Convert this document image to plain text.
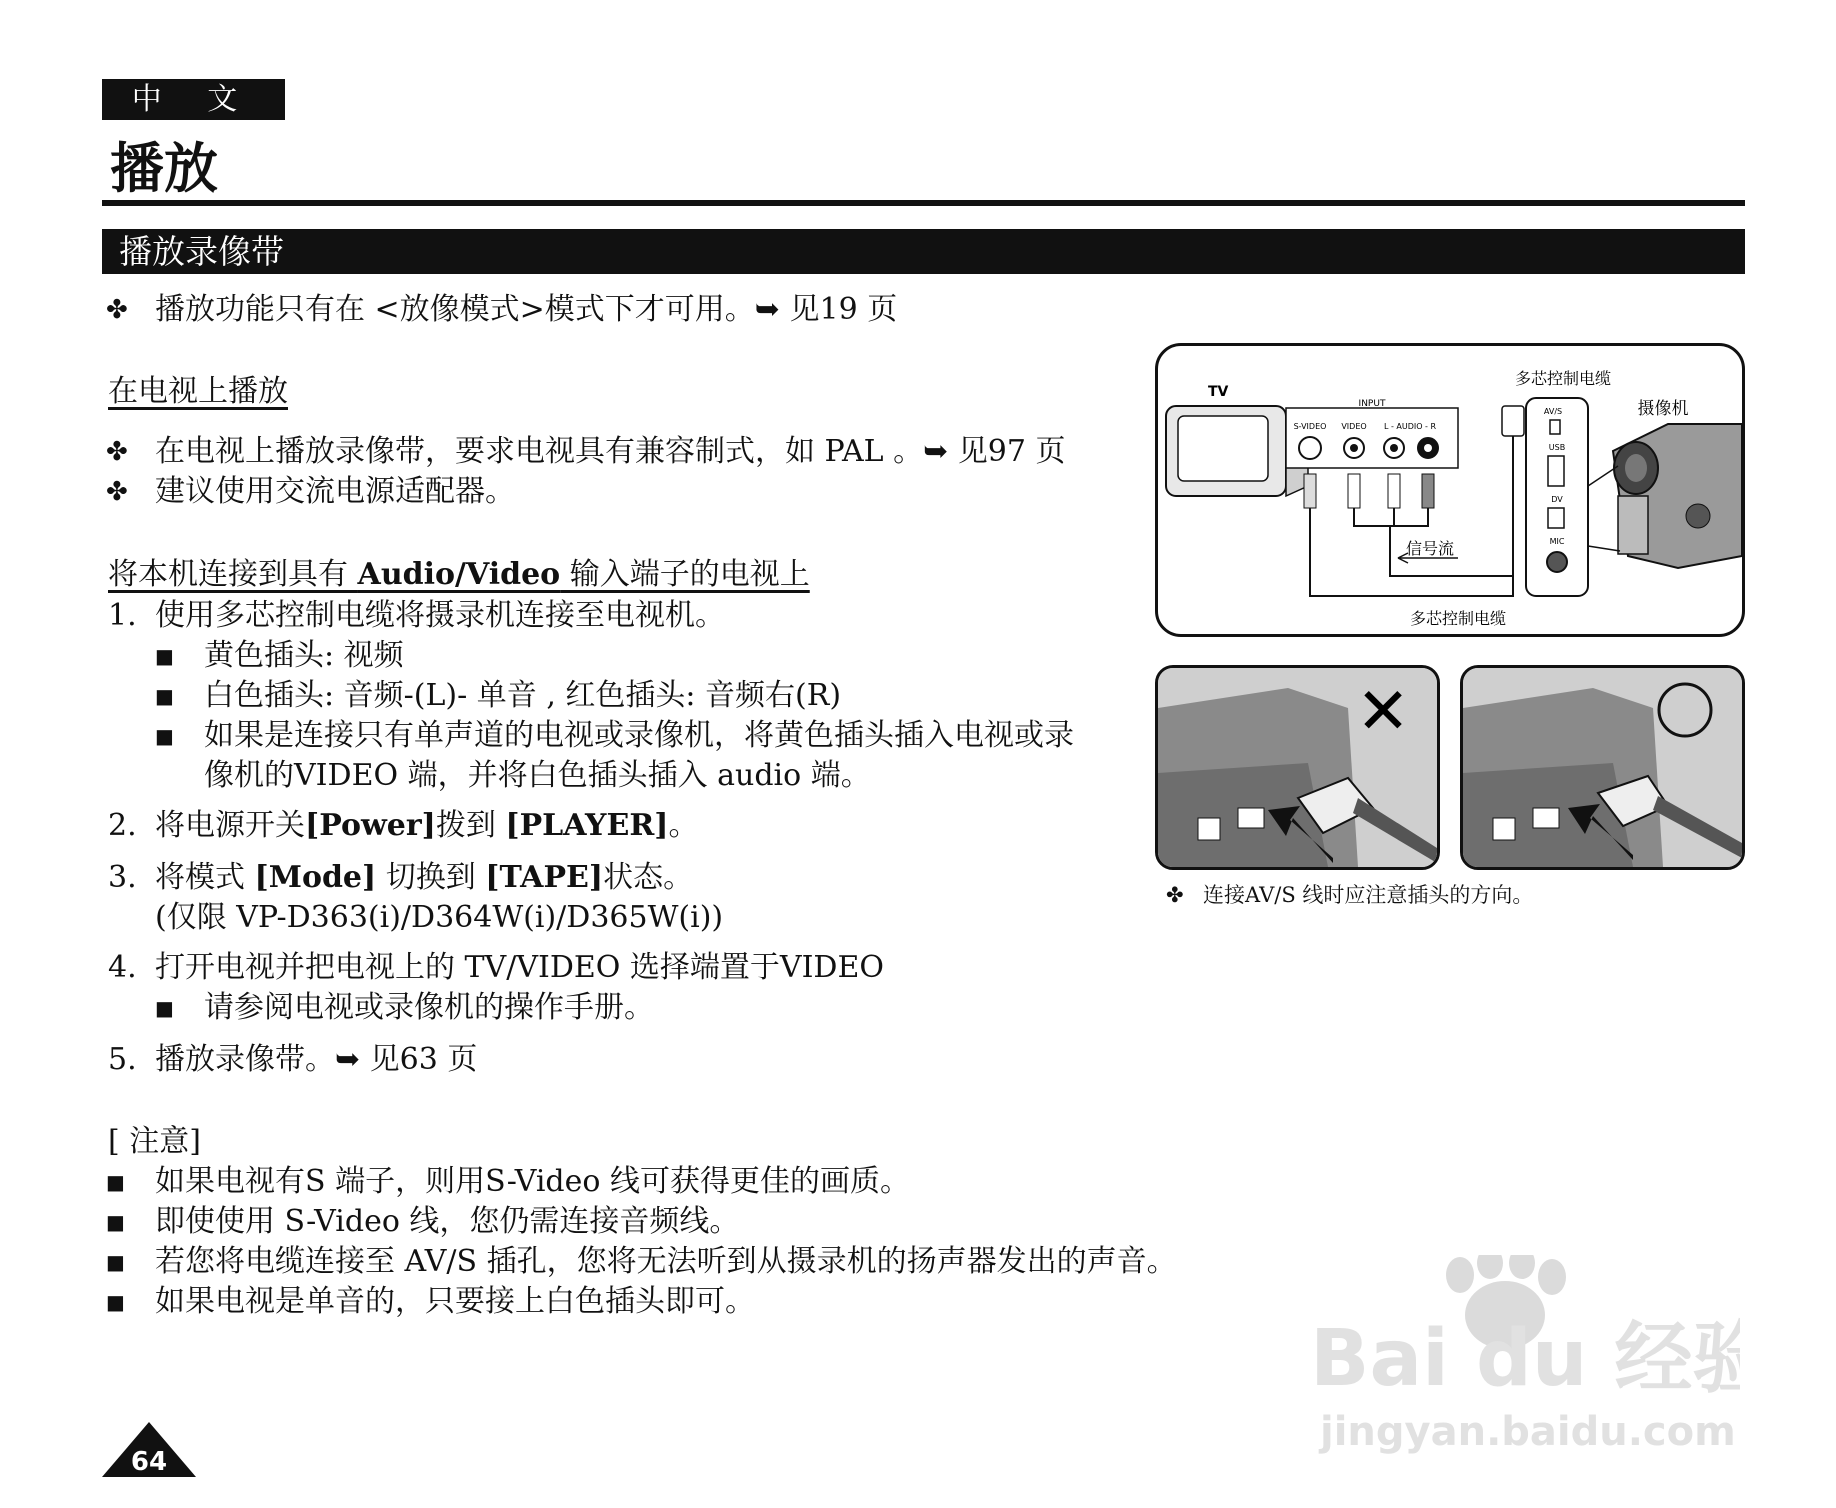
中 文
播放
播放录像带
✤ 播放功能只有在 <放像模式>模式下才可用。➥ 见19 页
在电视上播放
✤ 在电视上播放录像带，要求电视具有兼容制式，如 PAL 。➥ 见97 页
✤ 建议使用交流电源适配器。
将本机连接到具有 Audio/Video 输入端子的电视上
1. 使用多芯控制电缆将摄录机连接至电视机。
■ 黄色插头: 视频
■ 白色插头: 音频-(L)- 单音 , 红色插头: 音频右(R)
■ 如果是连接只有单声道的电视或录像机，将黄色插头插入电视或录
像机的VIDEO 端，并将白色插头插入 audio 端。
2. 将电源开关[Power]拨到 [PLAYER]。
3. 将模式 [Mode] 切换到 [TAPE]状态。
(仅限 VP-D363(i)/D364W(i)/D365W(i))
4. 打开电视并把电视上的 TV/VIDEO 选择端置于VIDEO
■ 请参阅电视或录像机的操作手册。
5. 播放录像带。➥ 见63 页
[ 注意]
■ 如果电视有S 端子，则用S-Video 线可获得更佳的画质。
■ 即使使用 S-Video 线，您仍需连接音频线。
■ 若您将电缆连接至 AV/S 插孔，您将无法听到从摄录机的扬声器发出的声音。
■ 如果电视是单音的，只要接上白色插头即可。
TV
INPUT
S-VIDEO VIDEO L - AUDIO - R
信号流
多芯控制电缆
多芯控制电缆
AV/S
USB
DV
MIC
摄像机
✕
✤ 连接AV/S 线时应注意插头的方向。
64
Bai du 经验
jingyan.baidu.com
